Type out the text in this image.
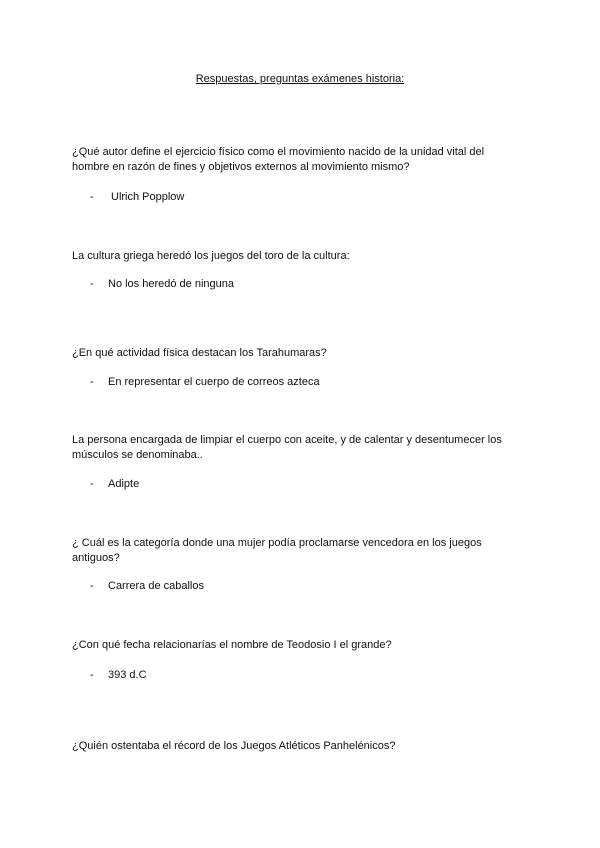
Respuestas, preguntas exámenes historia:
¿Qué autor define el ejercicio físico como el movimiento nacido de la unidad vital del hombre en razón de fines y objetivos externos al movimiento mismo?
- Ulrich Popplow
La cultura griega heredó los juegos del toro de la cultura:
- No los heredó de ninguna
¿En qué actividad física destacan los Tarahumaras?
- En representar el cuerpo de correos azteca
La persona encargada de limpiar el cuerpo con aceite, y de calentar y desentumecer los músculos se denominaba..
- Adipte
¿ Cuál es la categoría donde una mujer podía proclamarse vencedora en los juegos antiguos?
- Carrera de caballos
¿Con qué fecha relacionarías el nombre de Teodosio I el grande?
- 393 d.C
¿Quién ostentaba el récord de los Juegos Atléticos Panhelénicos?
